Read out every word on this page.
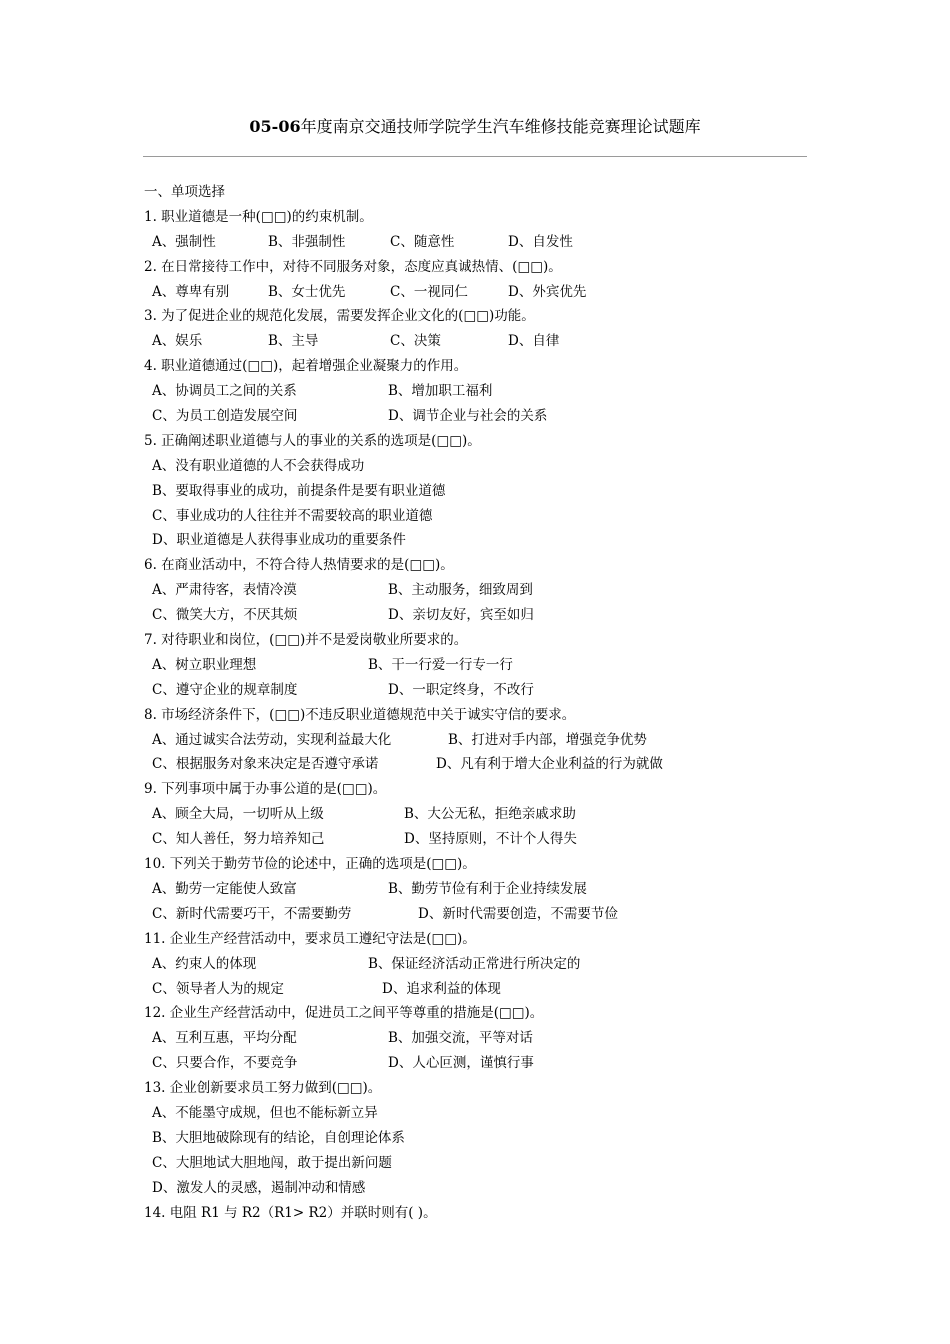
05-06年度南京交通技师学院学生汽车维修技能竞赛理论试题库
一、单项选择
1. 职业道德是一种(□□)的约束机制。
A、强制性	B、非强制性	C、随意性	D、自发性
2. 在日常接待工作中，对待不同服务对象，态度应真诚热情、(□□)。
A、尊卑有别	B、女士优先	C、一视同仁	D、外宾优先
3. 为了促进企业的规范化发展，需要发挥企业文化的(□□)功能。
A、娱乐	B、主导	C、决策	D、自律
4. 职业道德通过(□□)，起着增强企业凝聚力的作用。
A、协调员工之间的关系	B、增加职工福利
C、为员工创造发展空间	D、调节企业与社会的关系
5. 正确阐述职业道德与人的事业的关系的选项是(□□)。
A、没有职业道德的人不会获得成功
B、要取得事业的成功，前提条件是要有职业道德
C、事业成功的人往往并不需要较高的职业道德
D、职业道德是人获得事业成功的重要条件
6. 在商业活动中，不符合待人热情要求的是(□□)。
A、严肃待客，表情冷漠	B、主动服务，细致周到
C、微笑大方，不厌其烦	D、亲切友好，宾至如归
7. 对待职业和岗位，(□□)并不是爱岗敬业所要求的。
A、树立职业理想	B、干一行爱一行专一行
C、遵守企业的规章制度	D、一职定终身，不改行
8. 市场经济条件下，(□□)不违反职业道德规范中关于诚实守信的要求。
A、通过诚实合法劳动，实现利益最大化	B、打进对手内部，增强竞争优势
C、根据服务对象来决定是否遵守承诺	D、凡有利于增大企业利益的行为就做
9. 下列事项中属于办事公道的是(□□)。
A、顾全大局，一切听从上级	B、大公无私，拒绝亲戚求助
C、知人善任，努力培养知己	D、坚持原则，不计个人得失
10. 下列关于勤劳节俭的论述中，正确的选项是(□□)。
A、勤劳一定能使人致富	B、勤劳节俭有利于企业持续发展
C、新时代需要巧干，不需要勤劳	D、新时代需要创造，不需要节俭
11. 企业生产经营活动中，要求员工遵纪守法是(□□)。
A、约束人的体现	B、保证经济活动正常进行所决定的
C、领导者人为的规定	D、追求利益的体现
12. 企业生产经营活动中，促进员工之间平等尊重的措施是(□□)。
A、互利互惠，平均分配	B、加强交流，平等对话
C、只要合作，不要竞争	D、人心叵测，谨慎行事
13. 企业创新要求员工努力做到(□□)。
A、不能墨守成规，但也不能标新立异
B、大胆地破除现有的结论，自创理论体系
C、大胆地试大胆地闯，敢于提出新问题
D、激发人的灵感，遏制冲动和情感
14. 电阻 R1 与 R2（R1> R2）并联时则有( )。
